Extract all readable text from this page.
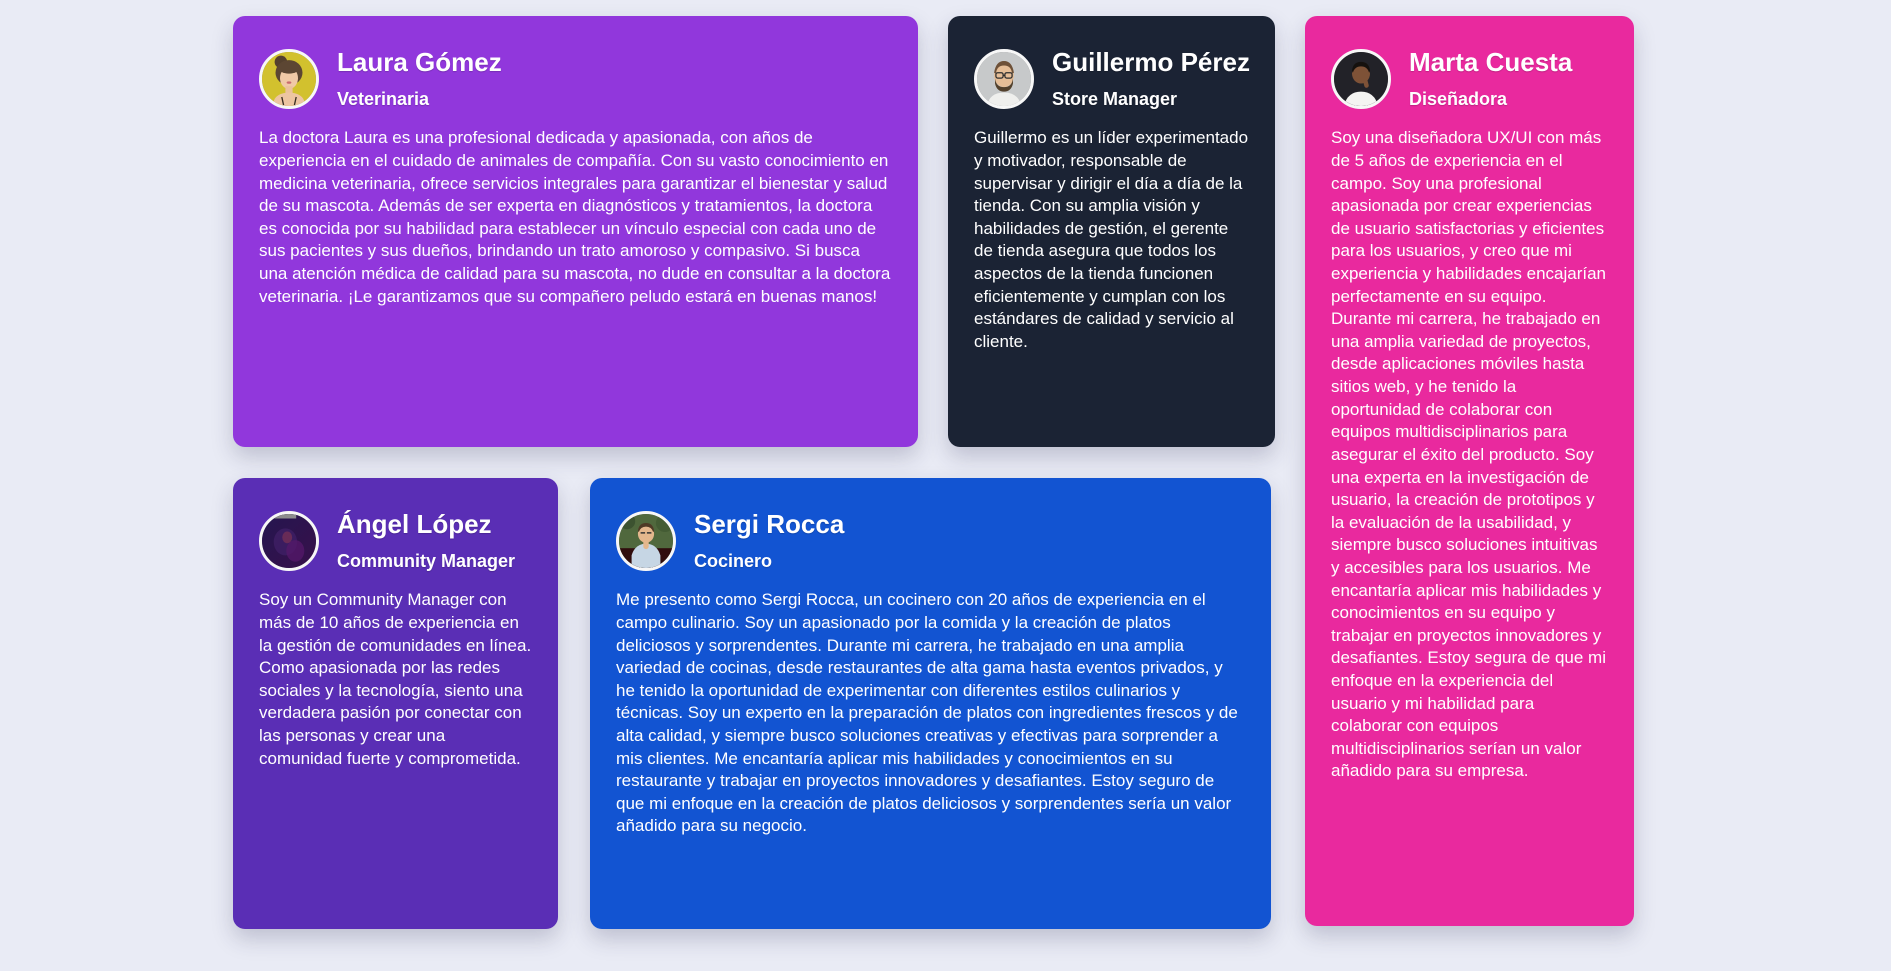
Laura Gómez
Veterinaria

La doctora Laura es una profesional dedicada y apasionada, con años de experiencia en el cuidado de animales de compañía. Con su vasto conocimiento en medicina veterinaria, ofrece servicios integrales para garantizar el bienestar y salud de su mascota. Además de ser experta en diagnósticos y tratamientos, la doctora es conocida por su habilidad para establecer un vínculo especial con cada uno de sus pacientes y sus dueños, brindando un trato amoroso y compasivo. Si busca una atención médica de calidad para su mascota, no dude en consultar a la doctora veterinaria. ¡Le garantizamos que su compañero peludo estará en buenas manos!

Guillermo Pérez
Store Manager

Guillermo es un líder experimentado y motivador, responsable de supervisar y dirigir el día a día de la tienda. Con su amplia visión y habilidades de gestión, el gerente de tienda asegura que todos los aspectos de la tienda funcionen eficientemente y cumplan con los estándares de calidad y servicio al cliente.

Marta Cuesta
Diseñadora

Soy una diseñadora UX/UI con más de 5 años de experiencia en el campo. Soy una profesional apasionada por crear experiencias de usuario satisfactorias y eficientes para los usuarios, y creo que mi experiencia y habilidades encajarían perfectamente en su equipo. Durante mi carrera, he trabajado en una amplia variedad de proyectos, desde aplicaciones móviles hasta sitios web, y he tenido la oportunidad de colaborar con equipos multidisciplinarios para asegurar el éxito del producto. Soy una experta en la investigación de usuario, la creación de prototipos y la evaluación de la usabilidad, y siempre busco soluciones intuitivas y accesibles para los usuarios. Me encantaría aplicar mis habilidades y conocimientos en su equipo y trabajar en proyectos innovadores y desafiantes. Estoy segura de que mi enfoque en la experiencia del usuario y mi habilidad para colaborar con equipos multidisciplinarios serían un valor añadido para su empresa.

Ángel López
Community Manager

Soy un Community Manager con más de 10 años de experiencia en la gestión de comunidades en línea. Como apasionada por las redes sociales y la tecnología, siento una verdadera pasión por conectar con las personas y crear una comunidad fuerte y comprometida.

Sergi Rocca
Cocinero

Me presento como Sergi Rocca, un cocinero con 20 años de experiencia en el campo culinario. Soy un apasionado por la comida y la creación de platos deliciosos y sorprendentes. Durante mi carrera, he trabajado en una amplia variedad de cocinas, desde restaurantes de alta gama hasta eventos privados, y he tenido la oportunidad de experimentar con diferentes estilos culinarios y técnicas. Soy un experto en la preparación de platos con ingredientes frescos y de alta calidad, y siempre busco soluciones creativas y efectivas para sorprender a mis clientes. Me encantaría aplicar mis habilidades y conocimientos en su restaurante y trabajar en proyectos innovadores y desafiantes. Estoy seguro de que mi enfoque en la creación de platos deliciosos y sorprendentes sería un valor añadido para su negocio.
